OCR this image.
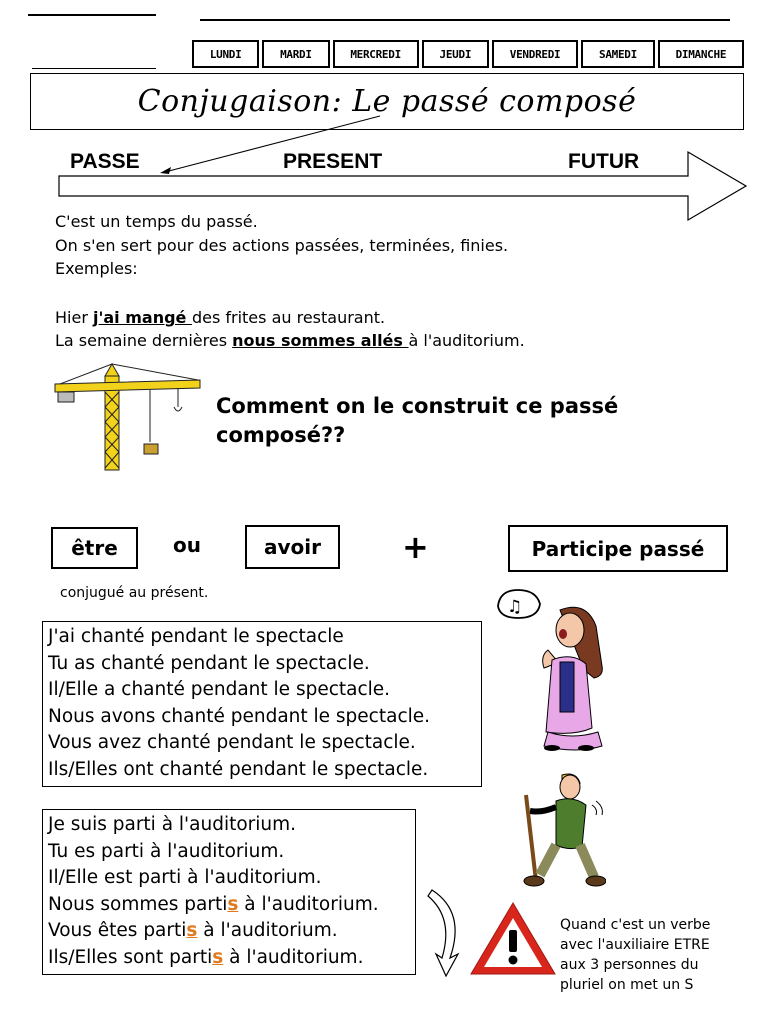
LUNDI	MARDI	MERCREDI	JEUDI	VENDREDI	SAMEDI	DIMANCHE
Conjugaison: Le passé composé
PASSE	PRESENT	FUTUR
C'est un temps du passé.
On s'en sert pour des actions passées, terminées, finies.
Exemples:
Hier j'ai mangé des frites au restaurant.
La semaine dernières nous sommes allés à l'auditorium.
Comment on le construit ce passé composé??
être	ou	avoir	+	Participe passé
conjugué au présent.
J'ai chanté pendant le spectacle
Tu as chanté pendant le spectacle.
Il/Elle a chanté pendant le spectacle.
Nous avons chanté pendant le spectacle.
Vous avez chanté pendant le spectacle.
Ils/Elles ont chanté pendant le spectacle.
♫
Je suis parti à l'auditorium.
Tu es parti à l'auditorium.
Il/Elle est parti à l'auditorium.
Nous sommes partis à l'auditorium.
Vous êtes partis à l'auditorium.
Ils/Elles sont partis à l'auditorium.
Quand c'est un verbe
avec l'auxiliaire ETRE
aux 3 personnes du
pluriel on met un S
